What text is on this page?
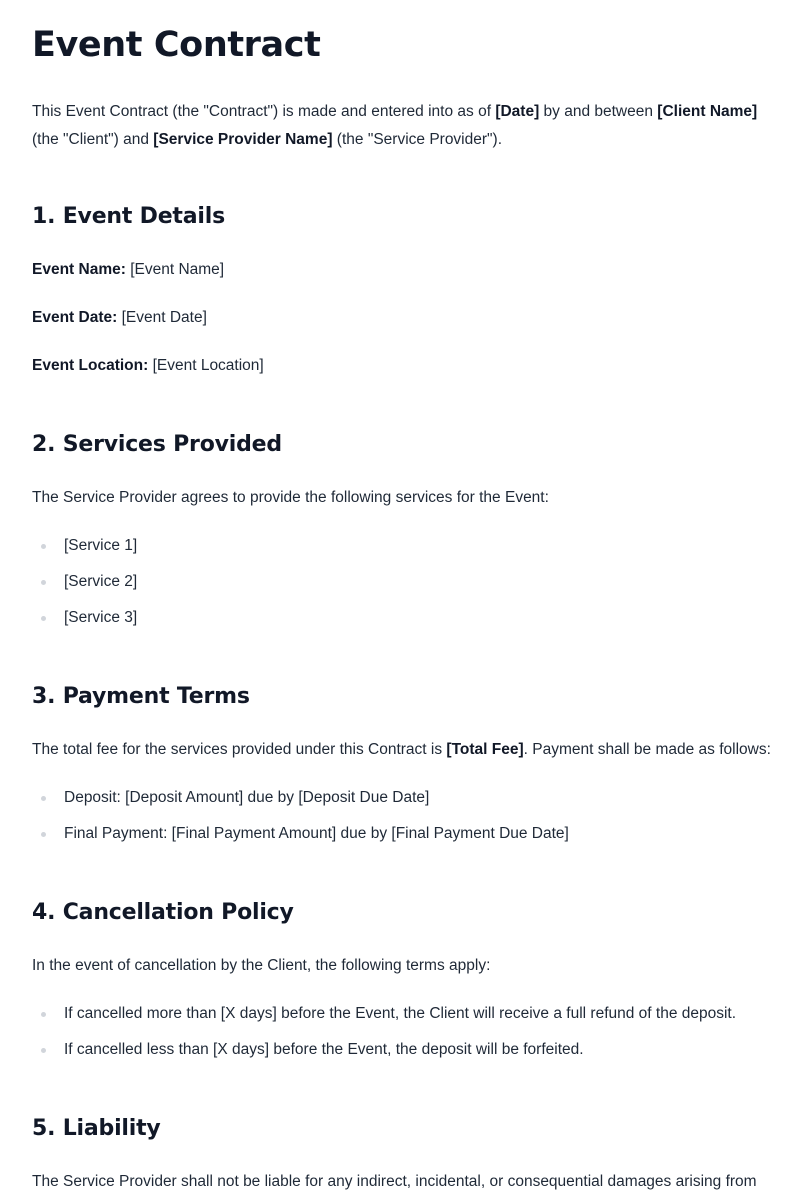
Event Contract

This Event Contract (the "Contract") is made and entered into as of [Date] by and between [Client Name] (the "Client") and [Service Provider Name] (the "Service Provider").

1. Event Details

Event Name: [Event Name]

Event Date: [Event Date]

Event Location: [Event Location]

2. Services Provided

The Service Provider agrees to provide the following services for the Event:

[Service 1]
[Service 2]
[Service 3]
3. Payment Terms

The total fee for the services provided under this Contract is [Total Fee]. Payment shall be made as follows:

Deposit: [Deposit Amount] due by [Deposit Due Date]
Final Payment: [Final Payment Amount] due by [Final Payment Due Date]
4. Cancellation Policy

In the event of cancellation by the Client, the following terms apply:

If cancelled more than [X days] before the Event, the Client will receive a full refund of the deposit.
If cancelled less than [X days] before the Event, the deposit will be forfeited.
5. Liability

The Service Provider shall not be liable for any indirect, incidental, or consequential damages arising from
